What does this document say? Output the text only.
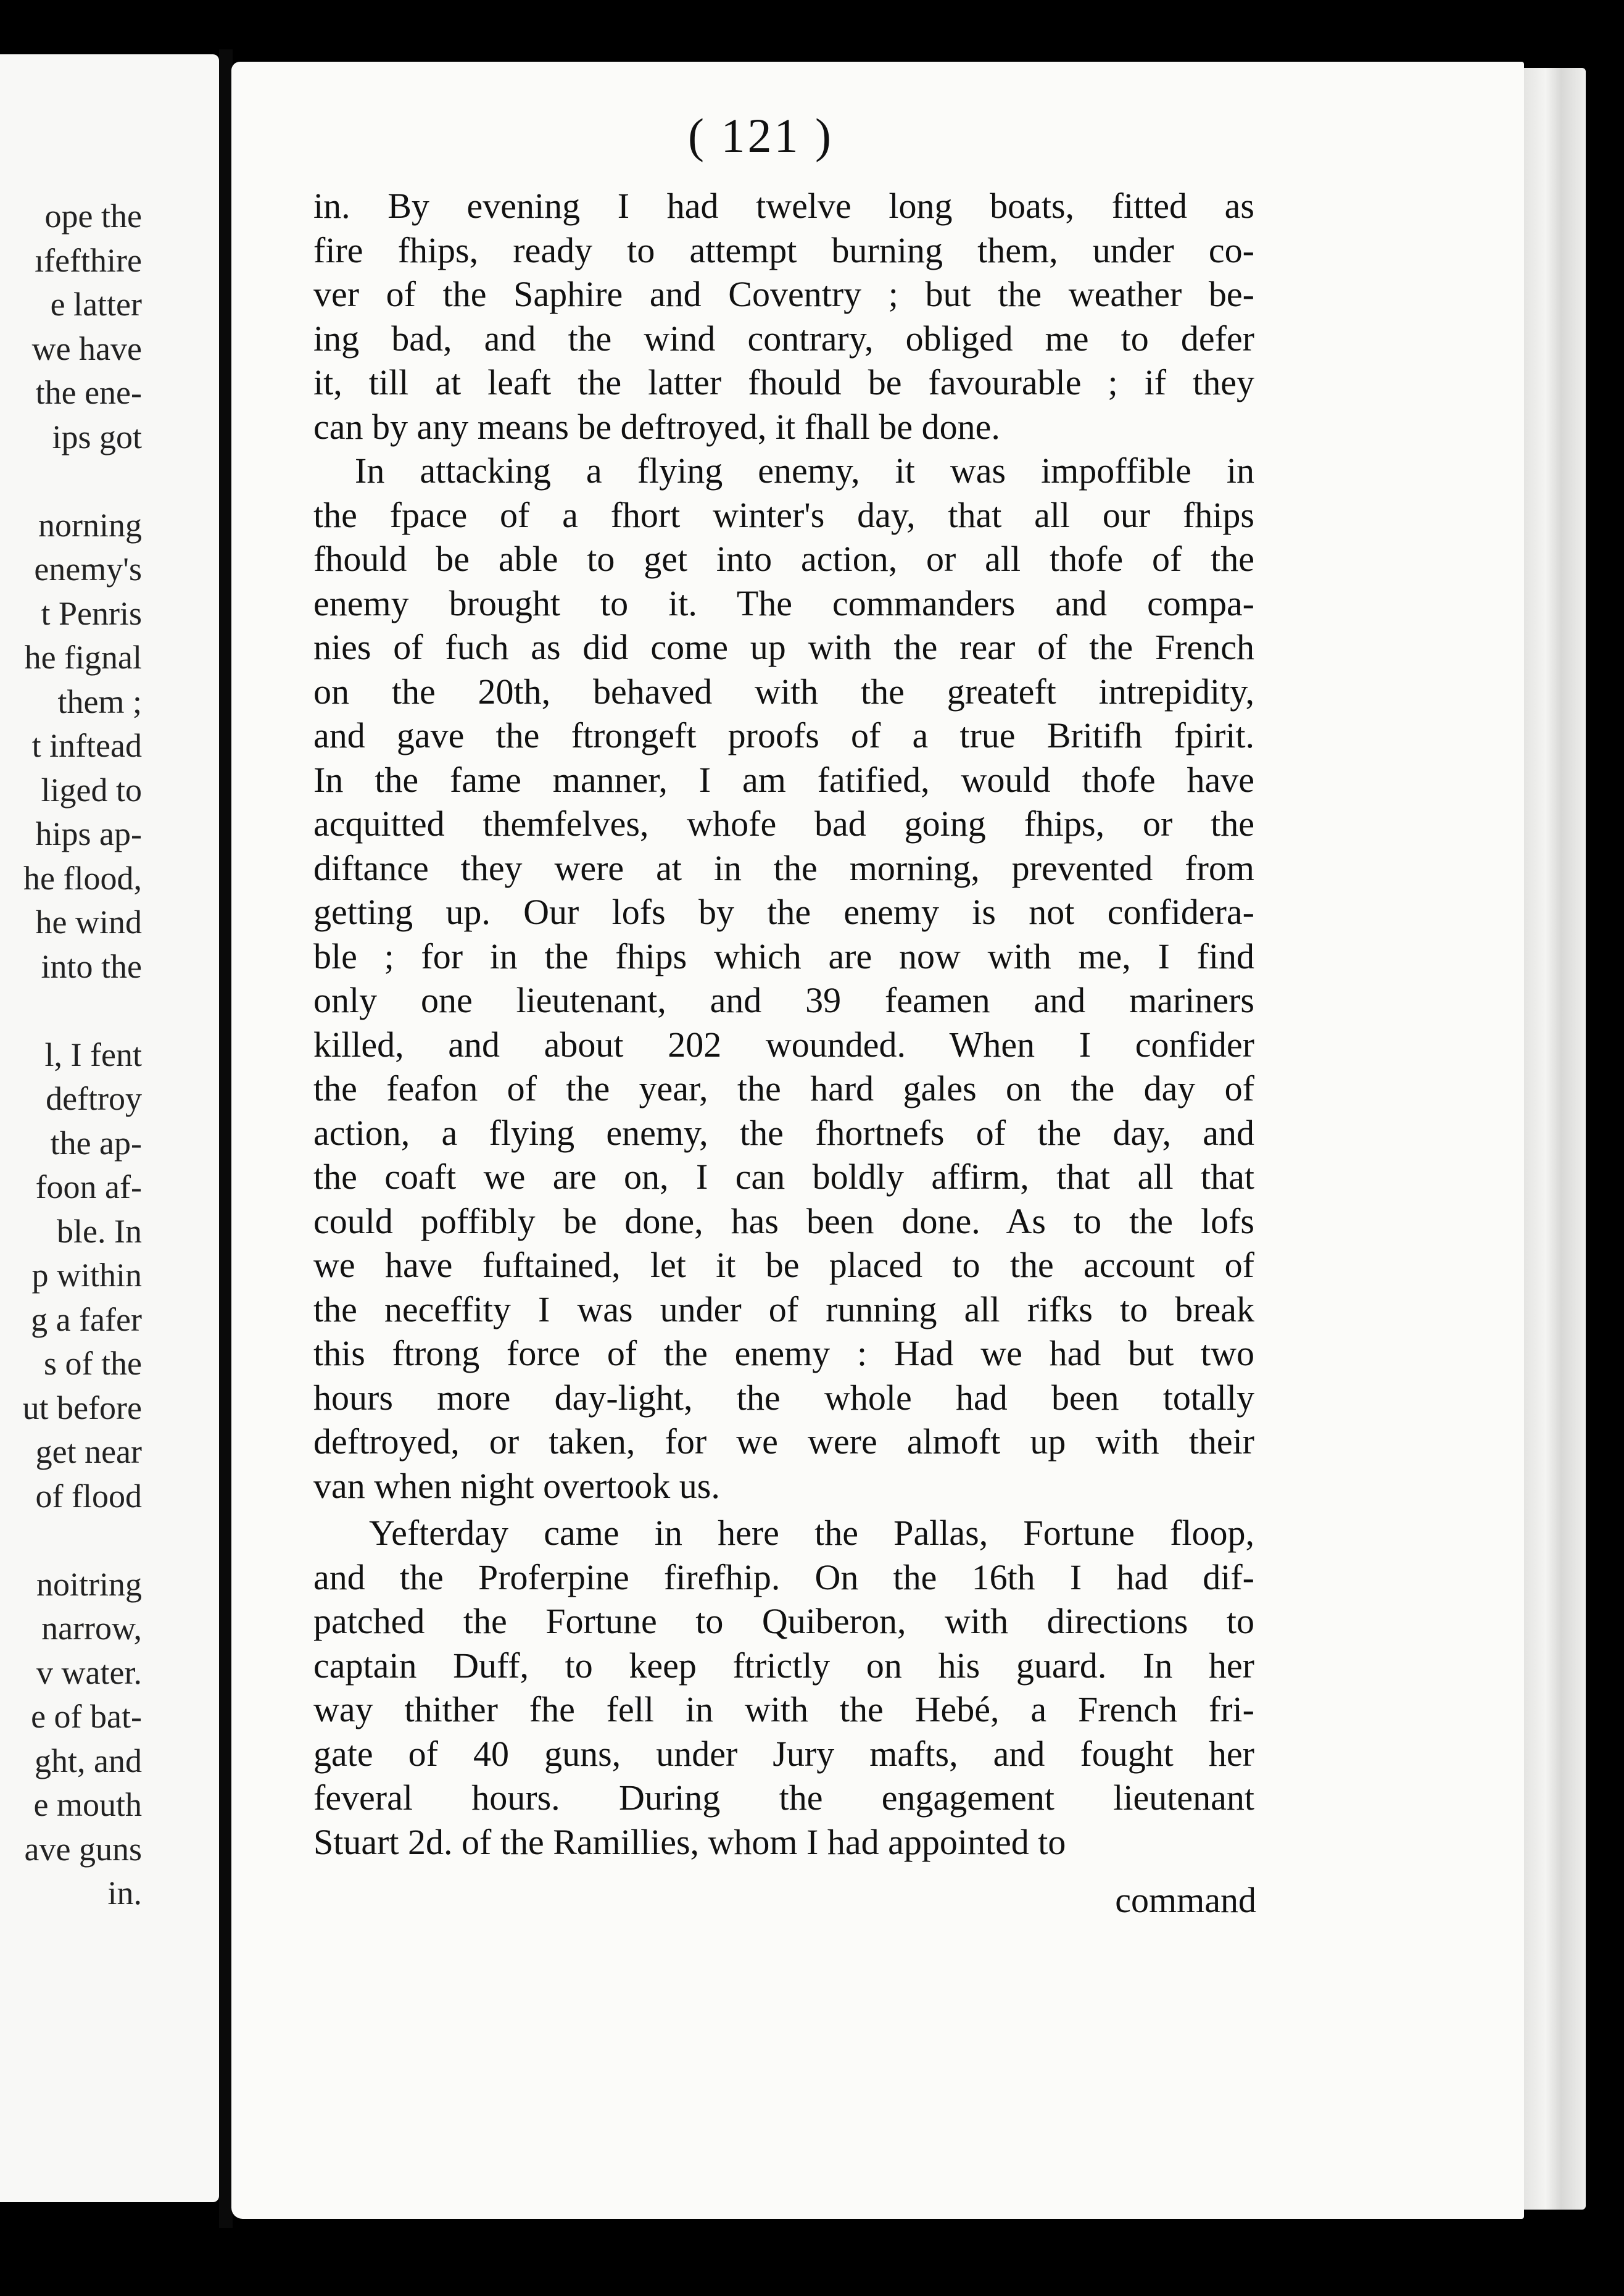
ope the
ıfefthire
e latter
we have
the ene-
ips got
norning
enemy's
t Penris
he fignal
them ;
t inftead
liged to
hips ap-
he flood,
he wind
into the
l, I fent
deftroy
the ap-
foon af-
ble. In
p within
g a fafer
s of the
ut before
get near
of flood
noitring
narrow,
v water.
e of bat-
ght, and
e mouth
ave guns
in.
( 121 )
in. By evening I had twelve long boats, fitted as
fire fhips, ready to attempt burning them, under co-
ver of the Saphire and Coventry ; but the weather be-
ing bad, and the wind contrary, obliged me to defer
it, till at leaft the latter fhould be favourable ; if they
can by any means be deftroyed, it fhall be done.
In attacking a flying enemy, it was impoffible in
the fpace of a fhort winter's day, that all our fhips
fhould be able to get into action, or all thofe of the
enemy brought to it. The commanders and compa-
nies of fuch as did come up with the rear of the French
on the 20th, behaved with the greateft intrepidity,
and gave the ftrongeft proofs of a true Britifh fpirit.
In the fame manner, I am fatified, would thofe have
acquitted themfelves, whofe bad going fhips, or the
diftance they were at in the morning, prevented from
getting up. Our lofs by the enemy is not confidera-
ble ; for in the fhips which are now with me, I find
only one lieutenant, and 39 feamen and mariners
killed, and about 202 wounded. When I confider
the feafon of the year, the hard gales on the day of
action, a flying enemy, the fhortnefs of the day, and
the coaft we are on, I can boldly affirm, that all that
could poffibly be done, has been done. As to the lofs
we have fuftained, let it be placed to the account of
the neceffity I was under of running all rifks to break
this ftrong force of the enemy : Had we had but two
hours more day-light, the whole had been totally
deftroyed, or taken, for we were almoft up with their
van when night overtook us.
Yefterday came in here the Pallas, Fortune floop,
and the Proferpine firefhip. On the 16th I had dif-
patched the Fortune to Quiberon, with directions to
captain Duff, to keep ftrictly on his guard. In her
way thither fhe fell in with the Hebé, a French fri-
gate of 40 guns, under Jury mafts, and fought her
feveral hours. During the engagement lieutenant
Stuart 2d. of the Ramillies, whom I had appointed to
command
